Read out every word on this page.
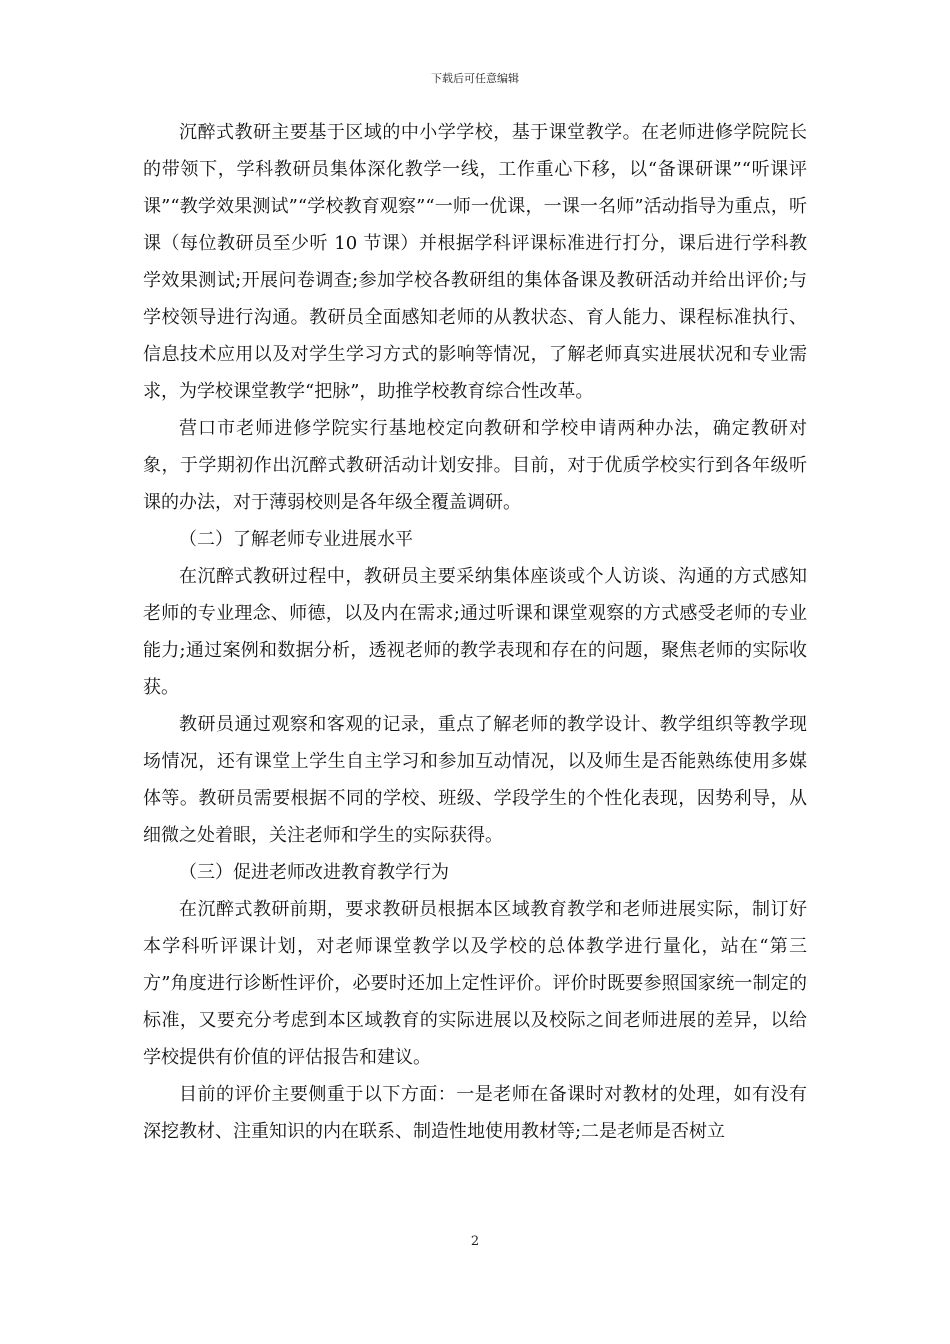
下载后可任意编辑

沉醉式教研主要基于区域的中小学学校，基于课堂教学。在老师进修学院院长的带领下，学科教研员集体深化教学一线，工作重心下移，以“备课研课”“听课评课”“教学效果测试”“学校教育观察”“一师一优课，一课一名师”活动指导为重点，听课（每位教研员至少听 10 节课）并根据学科评课标准进行打分，课后进行学科教学效果测试;开展问卷调查;参加学校各教研组的集体备课及教研活动并给出评价;与学校领导进行沟通。教研员全面感知老师的从教状态、育人能力、课程标准执行、信息技术应用以及对学生学习方式的影响等情况，了解老师真实进展状况和专业需求，为学校课堂教学“把脉”，助推学校教育综合性改革。

营口市老师进修学院实行基地校定向教研和学校申请两种办法，确定教研对象，于学期初作出沉醉式教研活动计划安排。目前，对于优质学校实行到各年级听课的办法，对于薄弱校则是各年级全覆盖调研。

（二）了解老师专业进展水平

在沉醉式教研过程中，教研员主要采纳集体座谈或个人访谈、沟通的方式感知老师的专业理念、师德，以及内在需求;通过听课和课堂观察的方式感受老师的专业能力;通过案例和数据分析，透视老师的教学表现和存在的问题，聚焦老师的实际收获。

教研员通过观察和客观的记录，重点了解老师的教学设计、教学组织等教学现场情况，还有课堂上学生自主学习和参加互动情况，以及师生是否能熟练使用多媒体等。教研员需要根据不同的学校、班级、学段学生的个性化表现，因势利导，从细微之处着眼，关注老师和学生的实际获得。

（三）促进老师改进教育教学行为

在沉醉式教研前期，要求教研员根据本区域教育教学和老师进展实际，制订好本学科听评课计划，对老师课堂教学以及学校的总体教学进行量化，站在“第三方”角度进行诊断性评价，必要时还加上定性评价。评价时既要参照国家统一制定的标准，又要充分考虑到本区域教育的实际进展以及校际之间老师进展的差异，以给学校提供有价值的评估报告和建议。

目前的评价主要侧重于以下方面：一是老师在备课时对教材的处理，如有没有深挖教材、注重知识的内在联系、制造性地使用教材等;二是老师是否树立

2
